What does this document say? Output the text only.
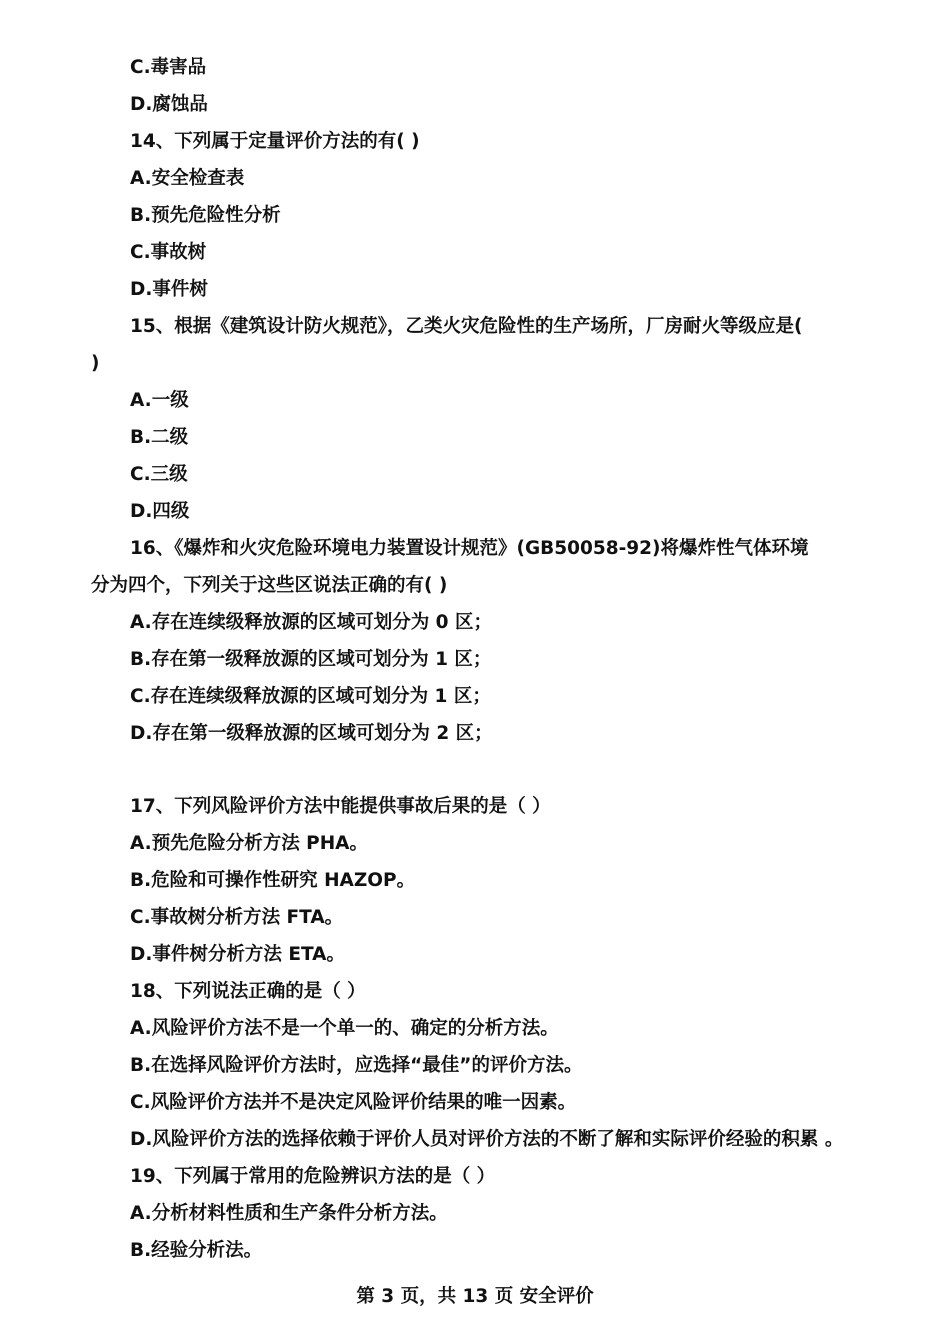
C.毒害品
D.腐蚀品
14、下列属于定量评价方法的有( )
A.安全检查表
B.预先危险性分析
C.事故树
D.事件树
15、根据《建筑设计防火规范》，乙类火灾危险性的生产场所，厂房耐火等级应是(
)
A.一级
B.二级
C.三级
D.四级
16、《爆炸和火灾危险环境电力装置设计规范》(GB50058-92)将爆炸性气体环境
分为四个，下列关于这些区说法正确的有( )
A.存在连续级释放源的区域可划分为 0 区；
B.存在第一级释放源的区域可划分为 1 区；
C.存在连续级释放源的区域可划分为 1 区；
D.存在第一级释放源的区域可划分为 2 区；
17、下列风险评价方法中能提供事故后果的是（ ）
A.预先危险分析方法 PHA。
B.危险和可操作性研究 HAZOP。
C.事故树分析方法 FTA。
D.事件树分析方法 ETA。
18、下列说法正确的是（ ）
A.风险评价方法不是一个单一的、确定的分析方法。
B.在选择风险评价方法时，应选择“最佳”的评价方法。
C.风险评价方法并不是决定风险评价结果的唯一因素。
D.风险评价方法的选择依赖于评价人员对评价方法的不断了解和实际评价经验的积累 。
19、下列属于常用的危险辨识方法的是（ ）
A.分析材料性质和生产条件分析方法。
B.经验分析法。
第 3 页，共 13 页 安全评价
